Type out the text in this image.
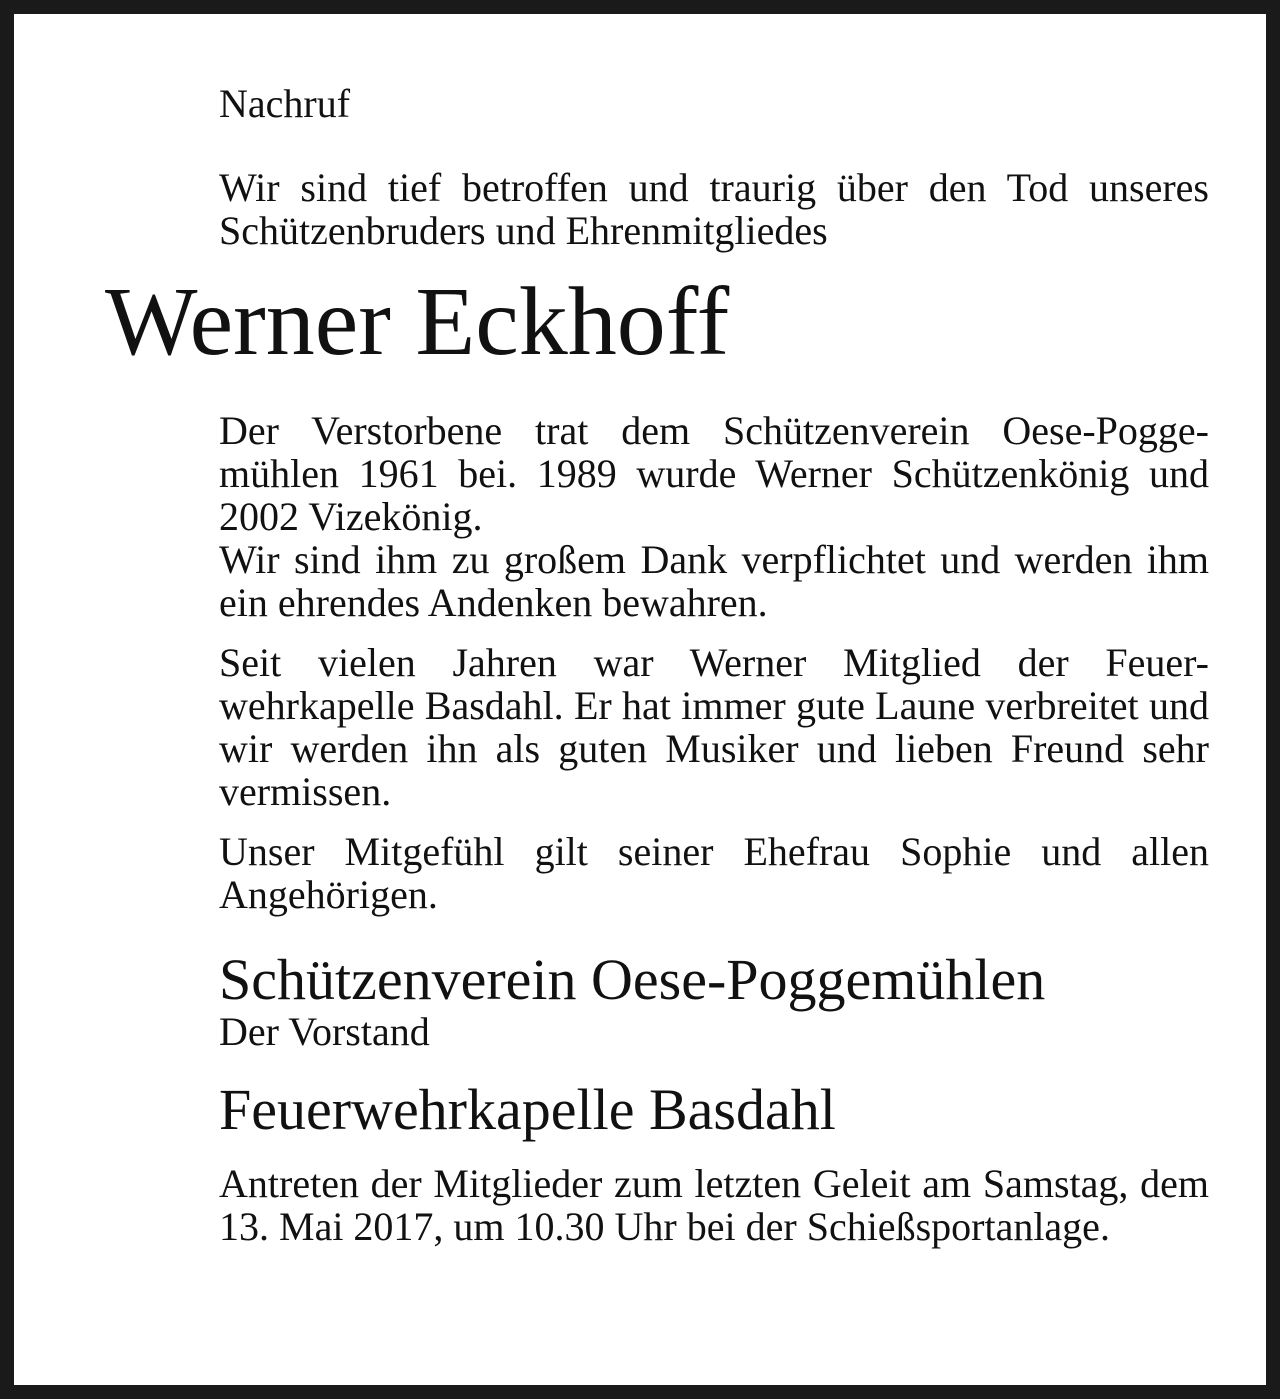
Nachruf

Wir sind tief betroffen und traurig über den Tod unseres Schützenbruders und Ehrenmitgliedes

Werner Eckhoff

Der Verstorbene trat dem Schützenverein Oese-Pogge-mühlen 1961 bei. 1989 wurde Werner Schützenkönig und 2002 Vizekönig.

Wir sind ihm zu großem Dank verpflichtet und werden ihm ein ehrendes Andenken bewahren.

Seit vielen Jahren war Werner Mitglied der Feuer-wehrkapelle Basdahl. Er hat immer gute Laune verbreitet und wir werden ihn als guten Musiker und lieben Freund sehr vermissen.

Unser Mitgefühl gilt seiner Ehefrau Sophie und allen Angehörigen.

Schützenverein Oese-Poggemühlen

Der Vorstand

Feuerwehrkapelle Basdahl

Antreten der Mitglieder zum letzten Geleit am Samstag, dem 13. Mai 2017, um 10.30 Uhr bei der Schießsportanlage.
